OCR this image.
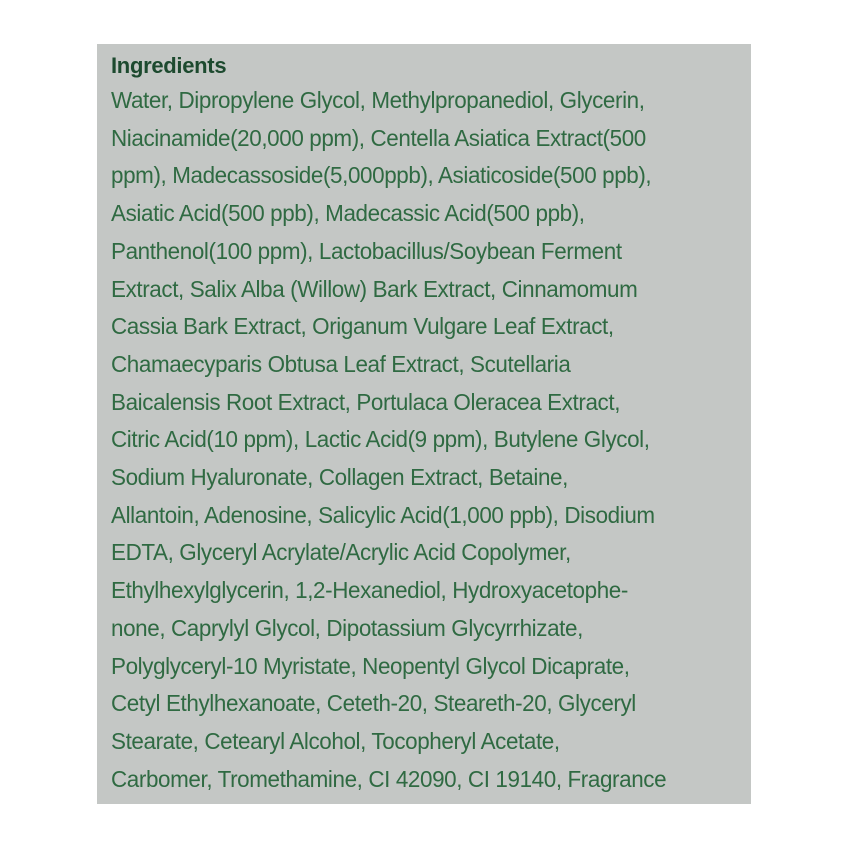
Ingredients
Water, Dipropylene Glycol, Methylpropanediol, Glycerin,
Niacinamide(20,000 ppm), Centella Asiatica Extract(500
ppm), Madecassoside(5,000ppb), Asiaticoside(500 ppb),
Asiatic Acid(500 ppb), Madecassic Acid(500 ppb),
Panthenol(100 ppm), Lactobacillus/Soybean Ferment
Extract, Salix Alba (Willow) Bark Extract, Cinnamomum
Cassia Bark Extract, Origanum Vulgare Leaf Extract,
Chamaecyparis Obtusa Leaf Extract, Scutellaria
Baicalensis Root Extract, Portulaca Oleracea Extract,
Citric Acid(10 ppm), Lactic Acid(9 ppm), Butylene Glycol,
Sodium Hyaluronate, Collagen Extract, Betaine,
Allantoin, Adenosine, Salicylic Acid(1,000 ppb), Disodium
EDTA, Glyceryl Acrylate/Acrylic Acid Copolymer,
Ethylhexylglycerin, 1,2-Hexanediol, Hydroxyacetophe-
none, Caprylyl Glycol, Dipotassium Glycyrrhizate,
Polyglyceryl-10 Myristate, Neopentyl Glycol Dicaprate,
Cetyl Ethylhexanoate, Ceteth-20, Steareth-20, Glyceryl
Stearate, Cetearyl Alcohol, Tocopheryl Acetate,
Carbomer, Tromethamine, CI 42090, CI 19140, Fragrance
